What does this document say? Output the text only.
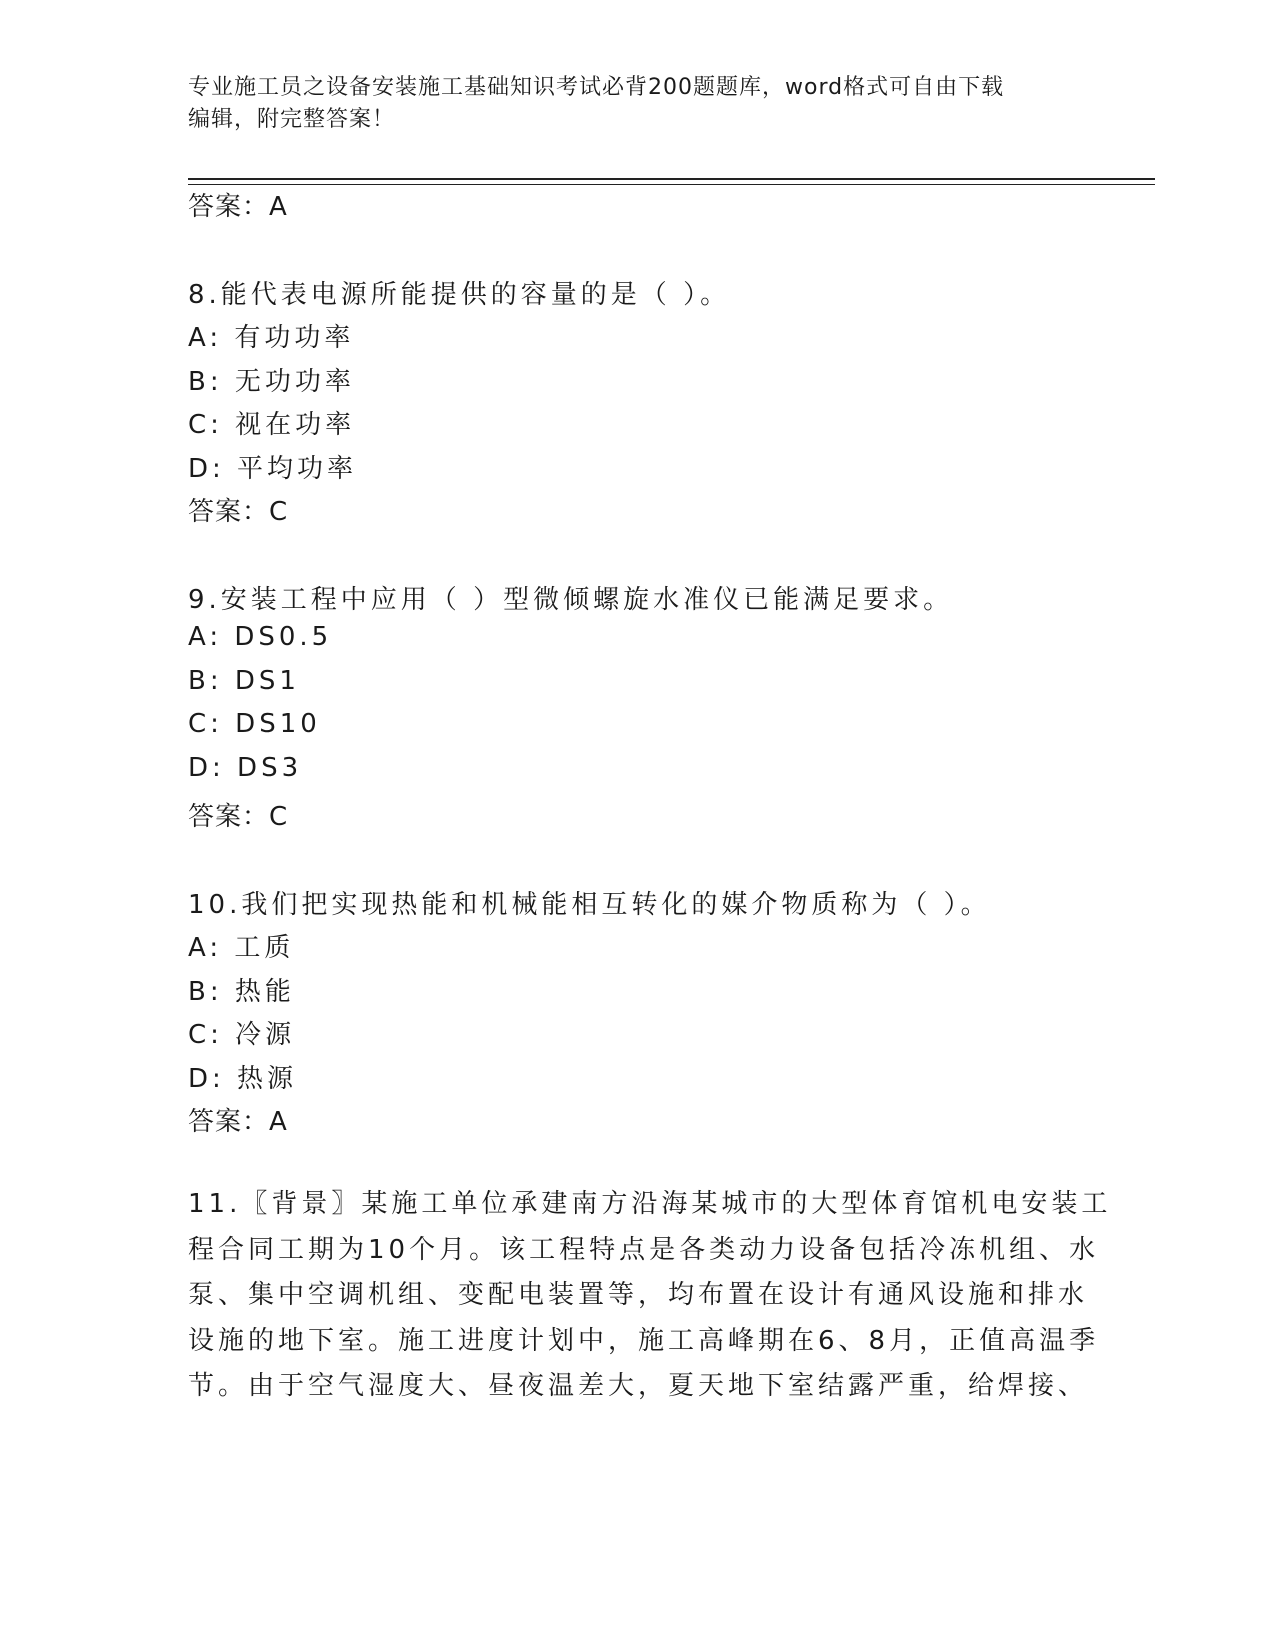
专业施工员之设备安装施工基础知识考试必背200题题库，word格式可自由下载
编辑，附完整答案！
答案：A
8.能代表电源所能提供的容量的是（ ）。
A: 有功功率
B: 无功功率
C: 视在功率
D: 平均功率
答案：C
9.安装工程中应用（ ）型微倾螺旋水准仪已能满足要求。
A: DS0.5
B: DS1
C: DS10
D: DS3
答案：C
10.我们把实现热能和机械能相互转化的媒介物质称为（ ）。
A: 工质
B: 热能
C: 冷源
D: 热源
答案：A
11.〖背景〗某施工单位承建南方沿海某城市的大型体育馆机电安装工
程合同工期为10个月。该工程特点是各类动力设备包括冷冻机组、水
泵、集中空调机组、变配电装置等，均布置在设计有通风设施和排水
设施的地下室。施工进度计划中，施工高峰期在6、8月，正值高温季
节。由于空气湿度大、昼夜温差大，夏天地下室结露严重，给焊接、
